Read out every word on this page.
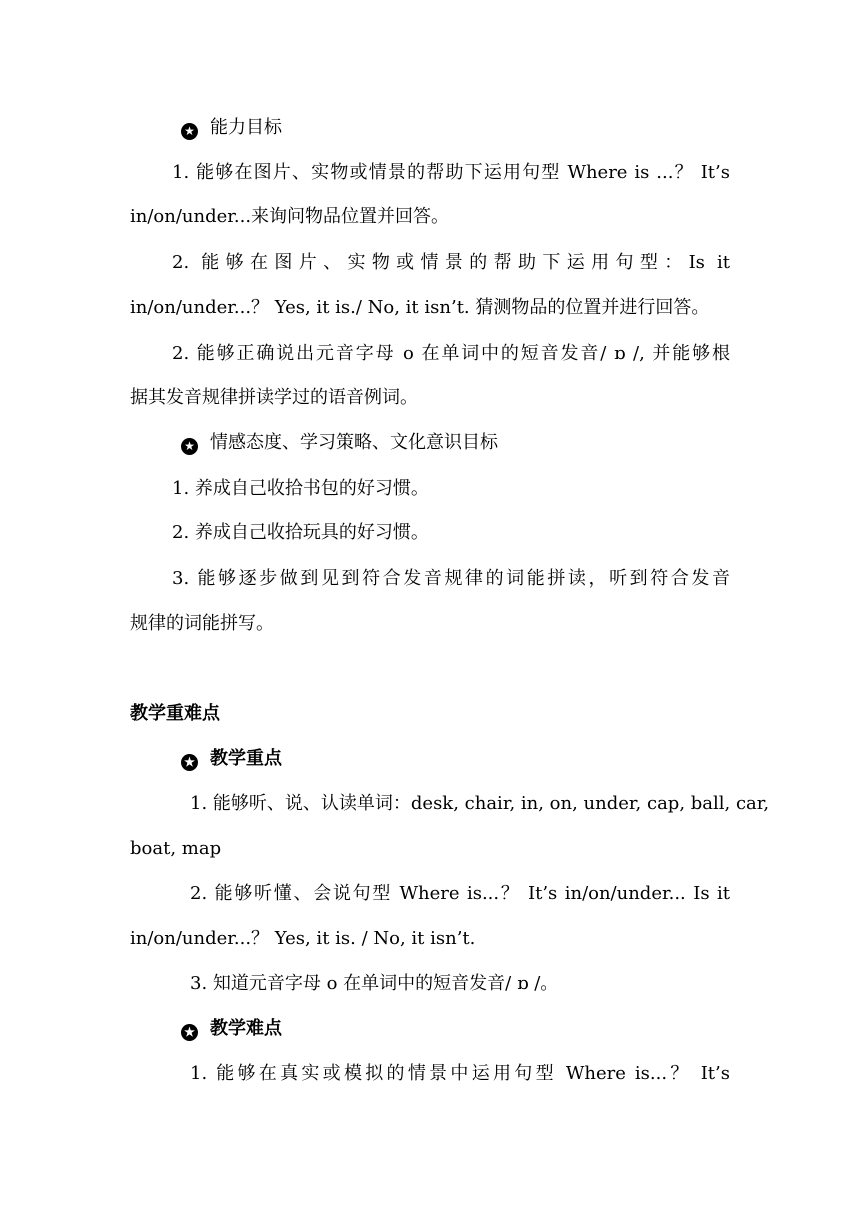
★ 能力目标
1. 能够在图片、实物或情景的帮助下运用句型 Where is ...？ It’s
in/on/under...来询问物品位置并回答。
2. 能够在图片、实物或情景的帮助下运用句型：Is it
in/on/under...？ Yes, it is./ No, it isn’t. 猜测物品的位置并进行回答。
2. 能够正确说出元音字母 o 在单词中的短音发音/ ɒ /, 并能够根
据其发音规律拼读学过的语音例词。
★ 情感态度、学习策略、文化意识目标
1. 养成自己收拾书包的好习惯。
2. 养成自己收拾玩具的好习惯。
3. 能够逐步做到见到符合发音规律的词能拼读，听到符合发音
规律的词能拼写。
教学重难点
★ 教学重点
1. 能够听、说、认读单词：desk, chair, in, on, under, cap, ball, car,
boat, map
2. 能够听懂、会说句型 Where is...？ It’s in/on/under... Is it
in/on/under...？ Yes, it is. / No, it isn’t.
3. 知道元音字母 o 在单词中的短音发音/ ɒ /。
★ 教学难点
1. 能够在真实或模拟的情景中运用句型 Where is...？ It’s
